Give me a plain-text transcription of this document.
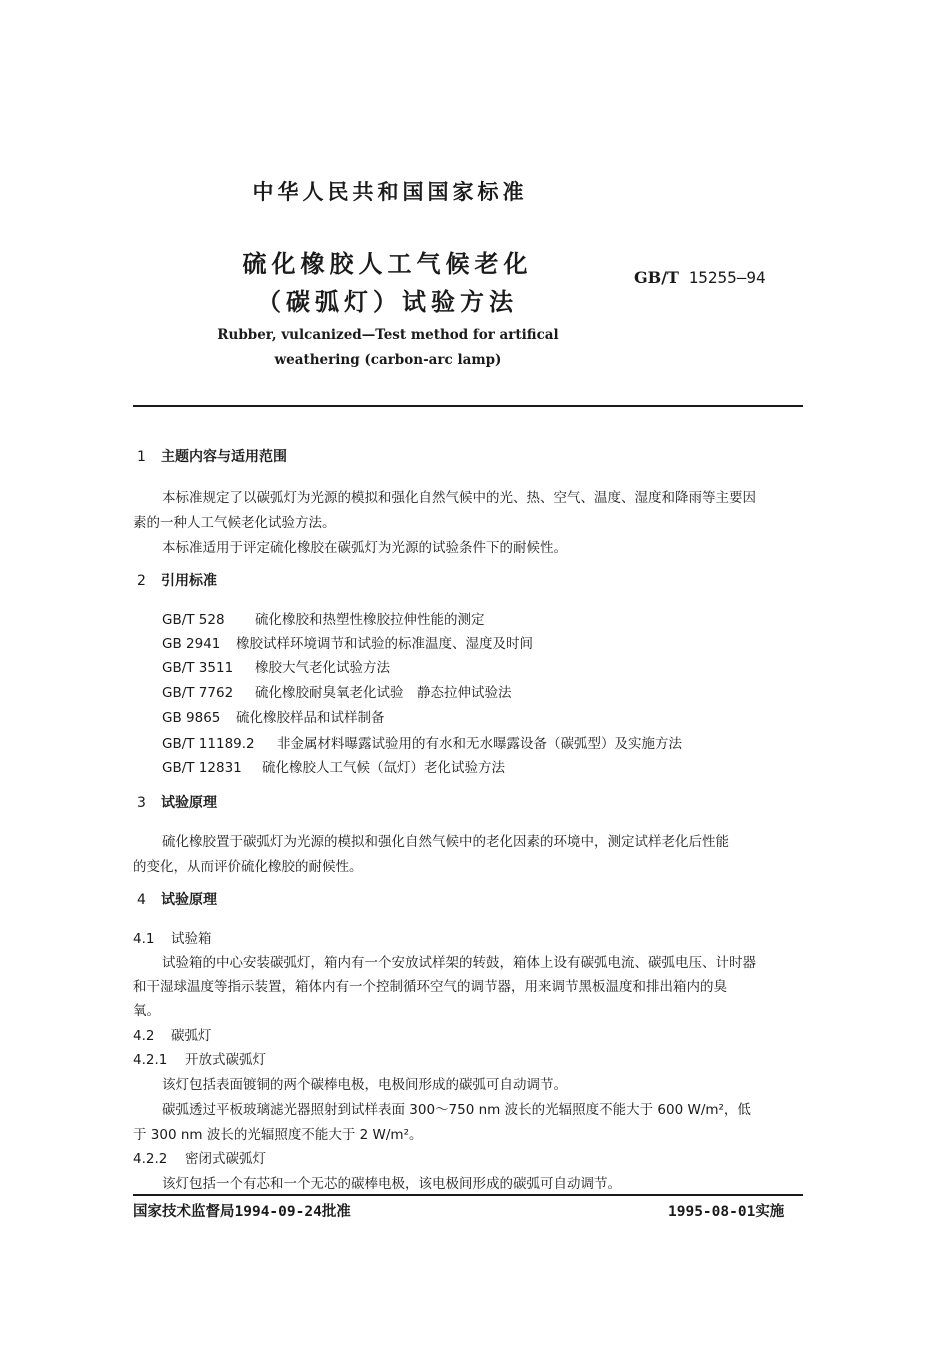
中华人民共和国国家标准
硫化橡胶人工气候老化
（碳弧灯）试验方法
GB/T 15255—94
Rubber, vulcanized—Test method for artifical
weathering (carbon-arc lamp)
1 主题内容与适用范围
本标准规定了以碳弧灯为光源的模拟和强化自然气候中的光、热、空气、温度、湿度和降雨等主要因
素的一种人工气候老化试验方法。
本标准适用于评定硫化橡胶在碳弧灯为光源的试验条件下的耐候性。
2 引用标准
GB/T 528 硫化橡胶和热塑性橡胶拉伸性能的测定
GB 2941 橡胶试样环境调节和试验的标准温度、湿度及时间
GB/T 3511 橡胶大气老化试验方法
GB/T 7762 硫化橡胶耐臭氧老化试验　静态拉伸试验法
GB 9865 硫化橡胶样品和试样制备
GB/T 11189.2 非金属材料曝露试验用的有水和无水曝露设备（碳弧型）及实施方法
GB/T 12831 硫化橡胶人工气候（氙灯）老化试验方法
3 试验原理
硫化橡胶置于碳弧灯为光源的模拟和强化自然气候中的老化因素的环境中，测定试样老化后性能
的变化，从而评价硫化橡胶的耐候性。
4 试验原理
4.1 试验箱
试验箱的中心安装碳弧灯，箱内有一个安放试样架的转鼓，箱体上设有碳弧电流、碳弧电压、计时器
和干湿球温度等指示装置，箱体内有一个控制循环空气的调节器，用来调节黑板温度和排出箱内的臭
氧。
4.2 碳弧灯
4.2.1 开放式碳弧灯
该灯包括表面镀铜的两个碳棒电极，电极间形成的碳弧可自动调节。
碳弧透过平板玻璃滤光器照射到试样表面 300～750 nm 波长的光辐照度不能大于 600 W/m²，低
于 300 nm 波长的光辐照度不能大于 2 W/m²。
4.2.2 密闭式碳弧灯
该灯包括一个有芯和一个无芯的碳棒电极，该电极间形成的碳弧可自动调节。
国家技术监督局1994-09-24批准	1995-08-01实施
